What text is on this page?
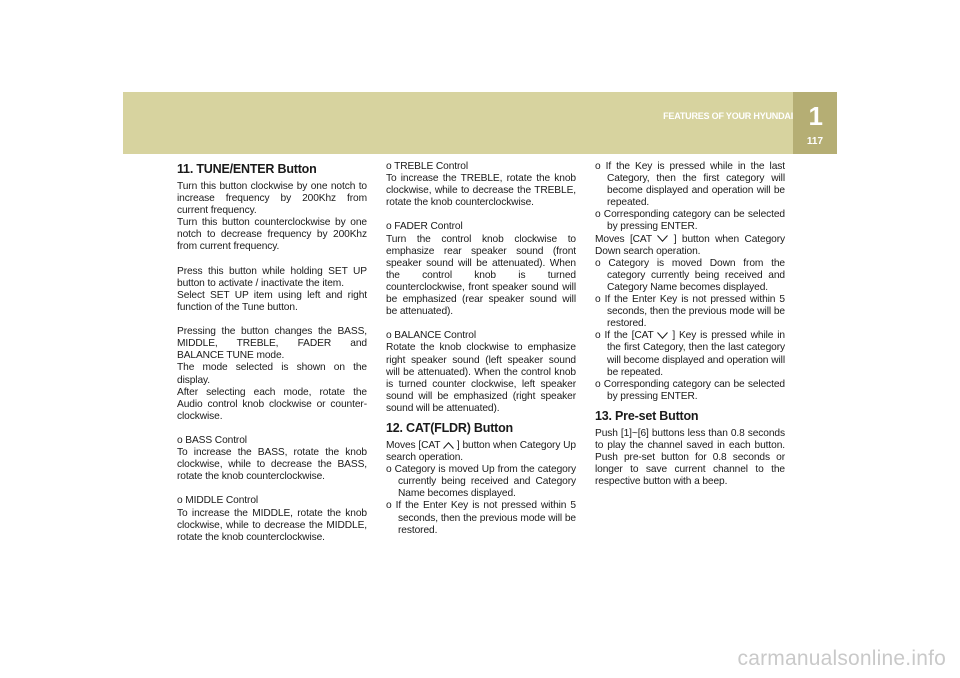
FEATURES OF YOUR HYUNDAI 1
117
11. TUNE/ENTER Button

Turn this button clockwise by one notch to increase frequency by 200Khz from current frequency.

Turn this button counterclockwise by one notch to decrease frequency by 200Khz from current frequency.

Press this button while holding SET UP button to activate / inactivate the item.

Select SET UP item using left and right function of the Tune button.

Pressing the button changes the BASS, MIDDLE, TREBLE, FADER and BALANCE TUNE mode.

The mode selected is shown on the display.

After selecting each mode, rotate the Audio control knob clockwise or counter-clockwise.

o BASS Control

To increase the BASS, rotate the knob clockwise, while to decrease the BASS, rotate the knob counterclockwise.

o MIDDLE Control

To increase the MIDDLE, rotate the knob clockwise, while to decrease the MIDDLE, rotate the knob counterclockwise.

o TREBLE Control

To increase the TREBLE, rotate the knob clockwise, while to decrease the TREBLE, rotate the knob counterclockwise.

o FADER Control

Turn the control knob clockwise to emphasize rear speaker sound (front speaker sound will be attenuated). When the control knob is turned counterclockwise, front speaker sound will be emphasized (rear speaker sound will be attenuated).

o BALANCE Control

Rotate the knob clockwise to emphasize right speaker sound (left speaker sound will be attenuated). When the control knob is turned counter clockwise, left speaker sound will be emphasized (right speaker sound will be attenuated).

12. CAT(FLDR) Button

Moves [CAT ] button when Category Up search operation.

o Category is moved Up from the category currently being received and Category Name becomes displayed.

o If the Enter Key is not pressed within 5 seconds, then the previous mode will be restored.

o If the Key is pressed while in the last Category, then the first category will become displayed and operation will be repeated.

o Corresponding category can be selected by pressing ENTER.

Moves [CAT ] button when Category Down search operation.

o Category is moved Down from the category currently being received and Category Name becomes displayed.

o If the Enter Key is not pressed within 5 seconds, then the previous mode will be restored.

o If the [CAT ] Key is pressed while in the first Category, then the last category will become displayed and operation will be repeated.

o Corresponding category can be selected by pressing ENTER.

13. Pre-set Button

Push [1]~[6] buttons less than 0.8 seconds to play the channel saved in each button. Push pre-set button for 0.8 seconds or longer to save current channel to the respective button with a beep.

carmanualsonline.info
